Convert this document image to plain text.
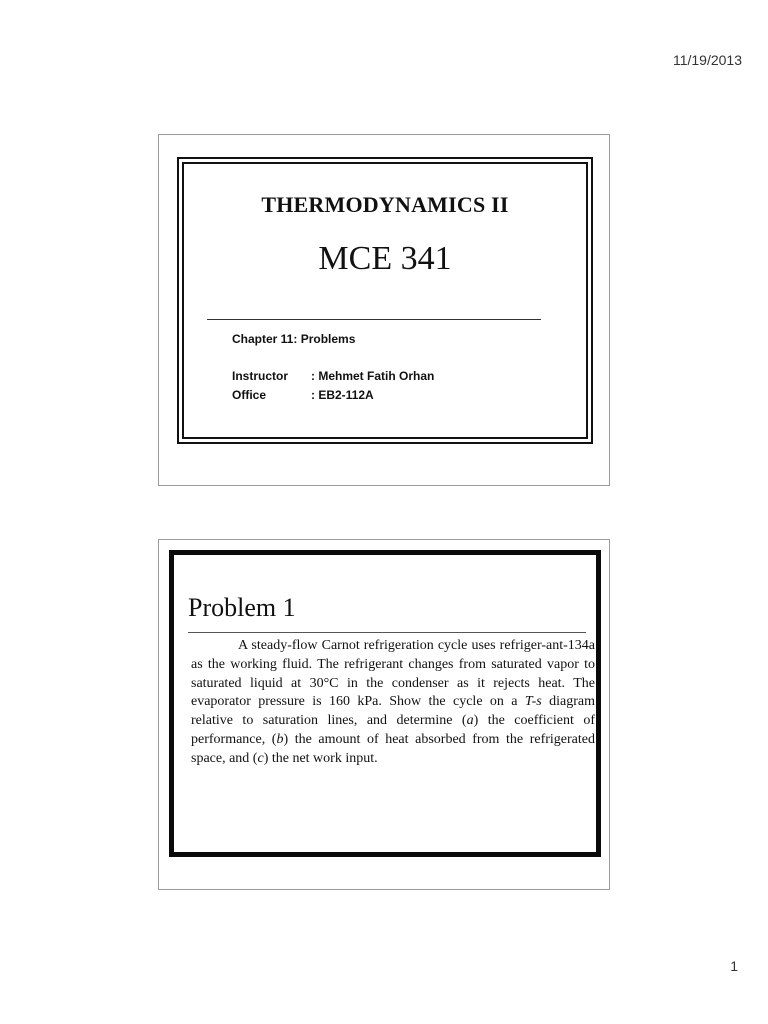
11/19/2013
THERMODYNAMICS II
MCE 341
Chapter 11: Problems
Instructor	: Mehmet Fatih Orhan
Office	: EB2-112A
Problem 1

A steady-flow Carnot refrigeration cycle uses refriger-ant-134a as the working fluid. The refrigerant changes from saturated vapor to saturated liquid at 30°C in the condenser as it rejects heat. The evaporator pressure is 160 kPa. Show the cycle on a T-s diagram relative to saturation lines, and determine (a) the coefficient of performance, (b) the amount of heat absorbed from the refrigerated space, and (c) the net work input.

1
